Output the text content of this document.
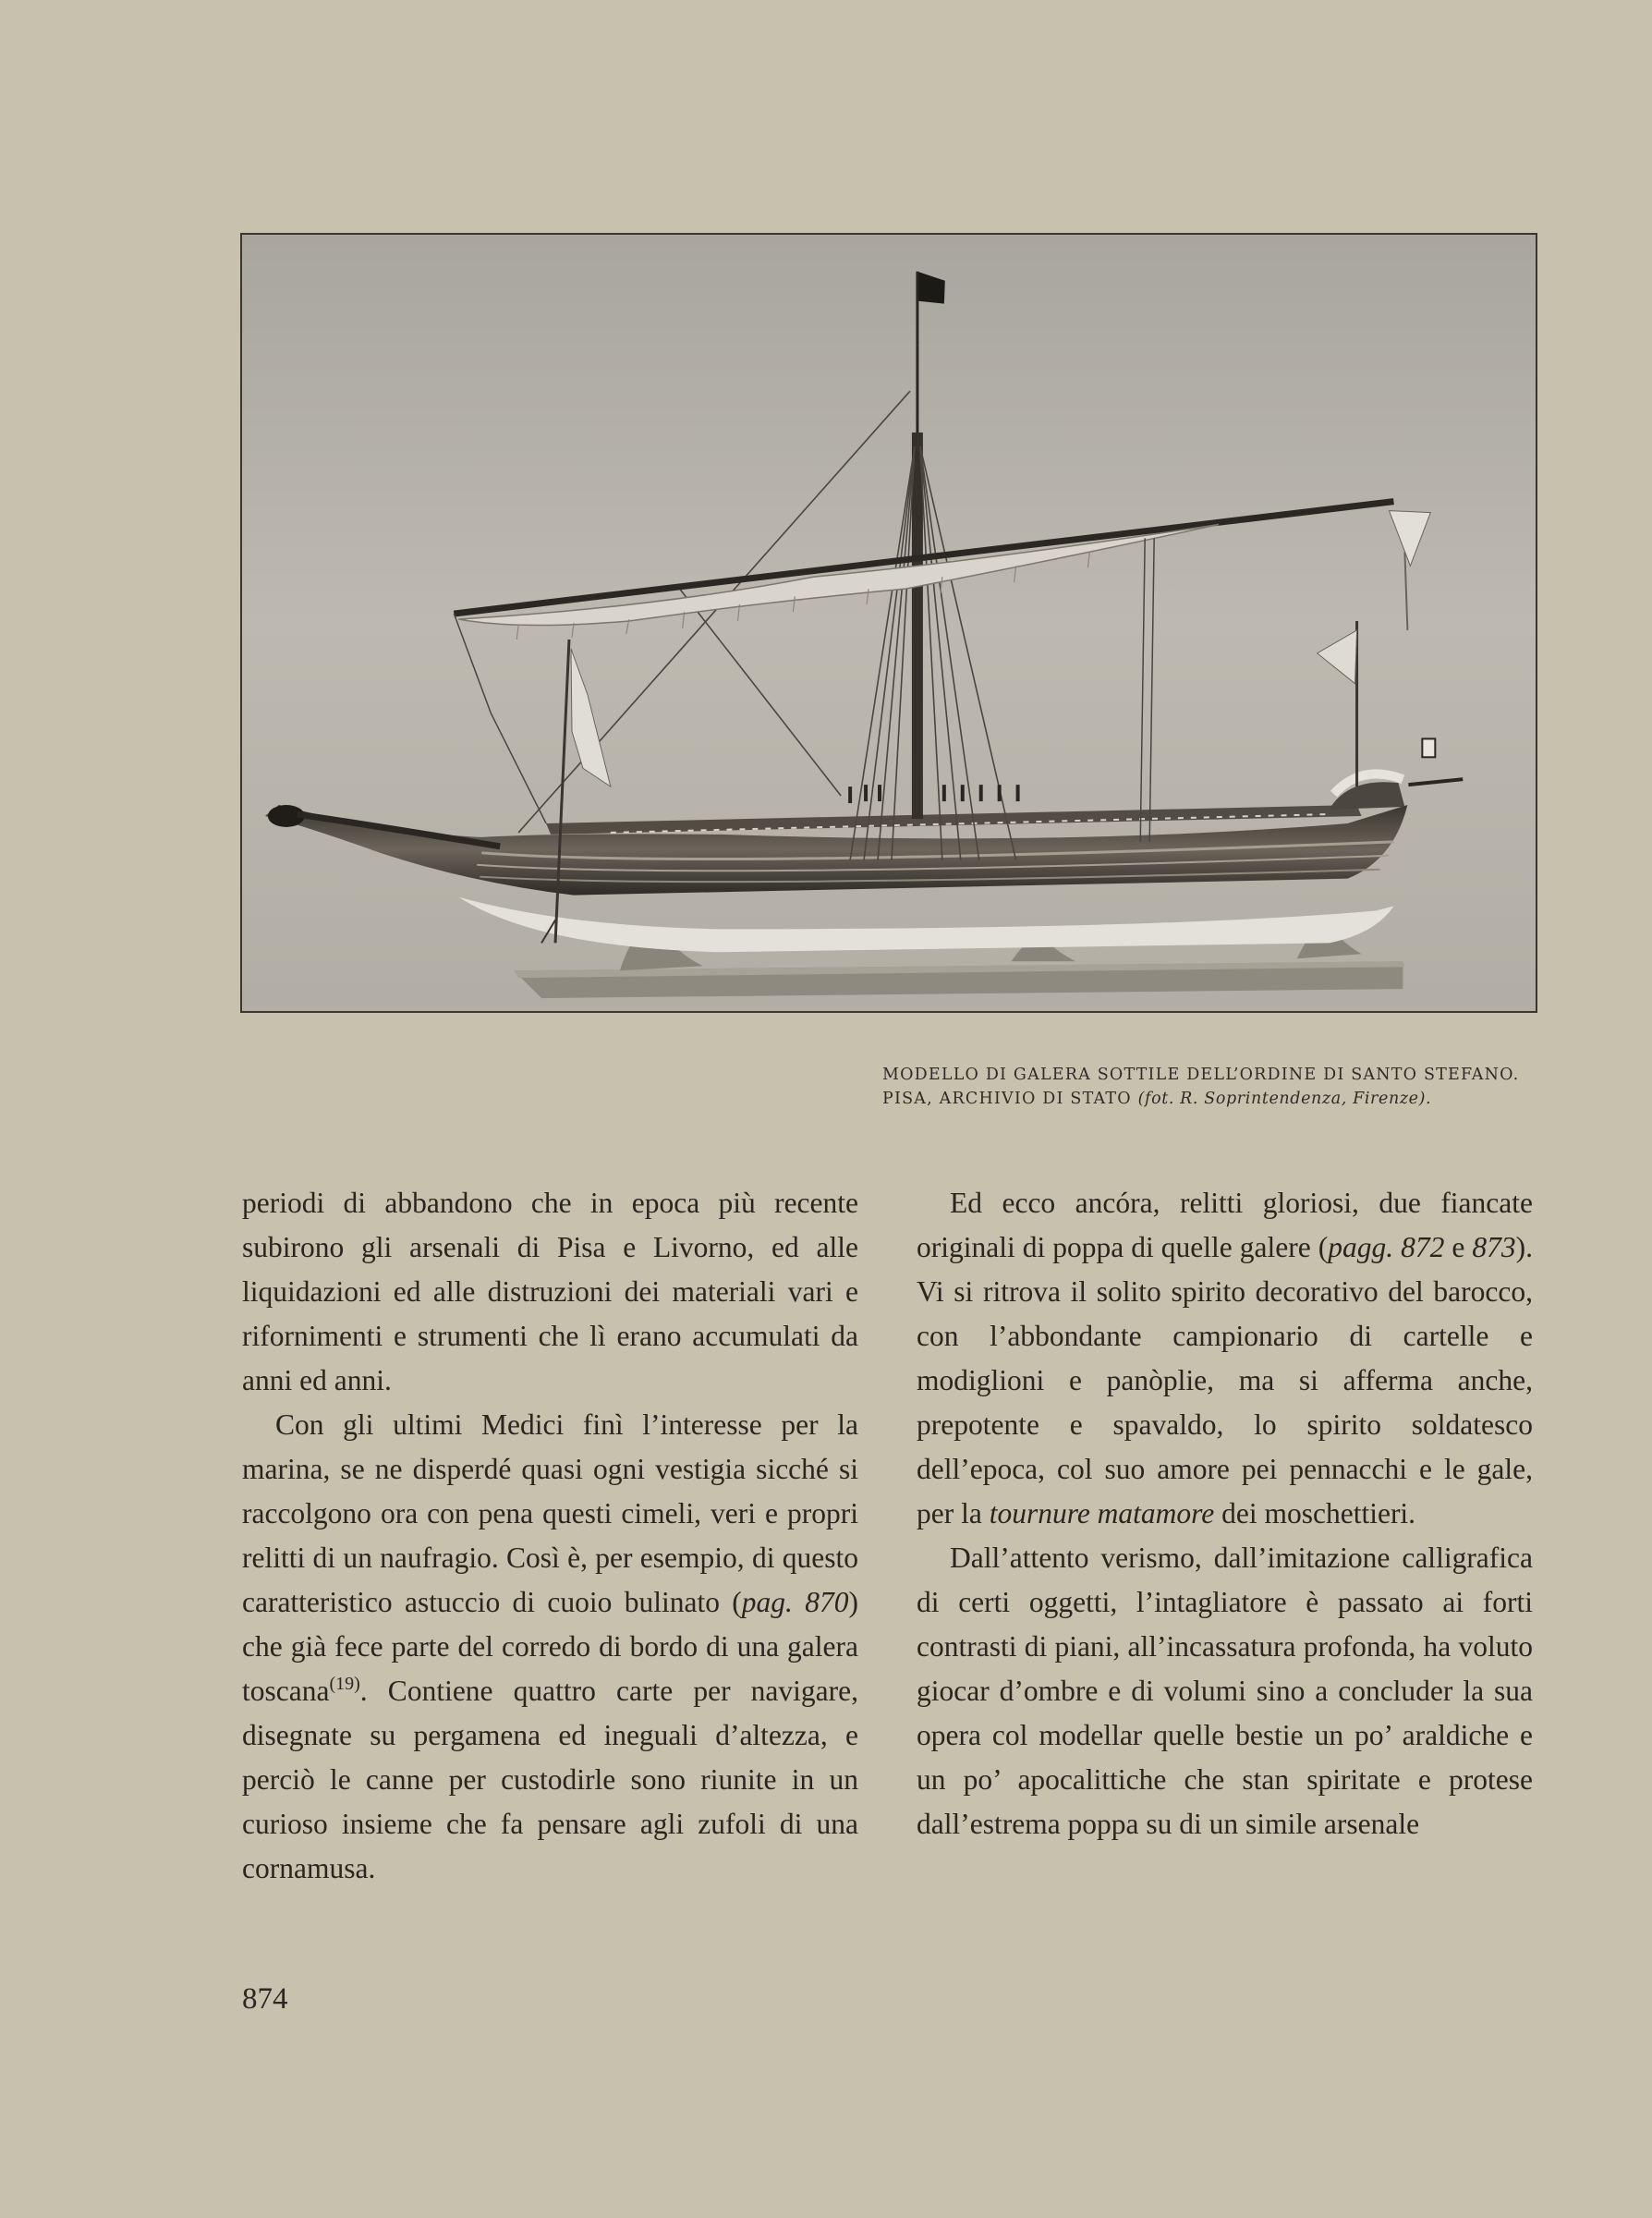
MODELLO DI GALERA SOTTILE DELL’ORDINE DI SANTO STEFANO.
PISA, ARCHIVIO DI STATO (fot. R. Soprintendenza, Firenze).

periodi di abbandono che in epoca più recente subirono gli arsenali di Pisa e Livorno, ed alle liquidazioni ed alle distruzioni dei materiali vari e rifornimenti e strumenti che lì erano accumulati da anni ed anni.

Con gli ultimi Medici finì l’interesse per la marina, se ne disperdé quasi ogni vestigia sicché si raccolgono ora con pena questi cimeli, veri e propri relitti di un naufragio. Così è, per esempio, di questo caratteristico astuccio di cuoio bulinato (pag. 870) che già fece parte del corredo di bordo di una galera toscana$^{(19)}$. Contiene quattro carte per navigare, disegnate su pergamena ed ineguali d’altezza, e perciò le canne per custodirle sono riunite in un curioso insieme che fa pensare agli zufoli di una cornamusa.

Ed ecco ancóra, relitti gloriosi, due fiancate originali di poppa di quelle galere (pagg. 872 e 873). Vi si ritrova il solito spirito decorativo del barocco, con l’abbondante campionario di cartelle e modiglioni e panòplie, ma si afferma anche, prepotente e spavaldo, lo spirito soldatesco dell’epoca, col suo amore pei pennacchi e le gale, per la tournure matamore dei moschettieri.

Dall’attento verismo, dall’imitazione calligrafica di certi oggetti, l’intagliatore è passato ai forti contrasti di piani, all’incassatura profonda, ha voluto giocar d’ombre e di volumi sino a concluder la sua opera col modellar quelle bestie un po’ araldiche e un po’ apocalittiche che stan spiritate e protese dall’estrema poppa su di un simile arsenale

874
